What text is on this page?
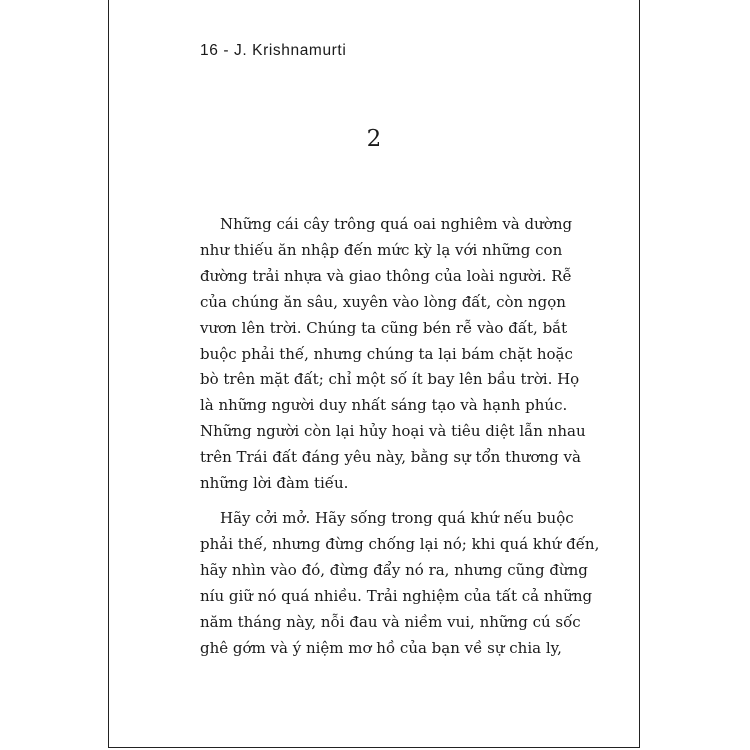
16 - J. Krishnamurti
2
Những cái cây trông quá oai nghiêm và dường
như thiếu ăn nhập đến mức kỳ lạ với những con
đường trải nhựa và giao thông của loài người. Rễ
của chúng ăn sâu, xuyên vào lòng đất, còn ngọn
vươn lên trời. Chúng ta cũng bén rễ vào đất, bắt
buộc phải thế, nhưng chúng ta lại bám chặt hoặc
bò trên mặt đất; chỉ một số ít bay lên bầu trời. Họ
là những người duy nhất sáng tạo và hạnh phúc.
Những người còn lại hủy hoại và tiêu diệt lẫn nhau
trên Trái đất đáng yêu này, bằng sự tổn thương và
những lời đàm tiếu.
Hãy cởi mở. Hãy sống trong quá khứ nếu buộc
phải thế, nhưng đừng chống lại nó; khi quá khứ đến,
hãy nhìn vào đó, đừng đẩy nó ra, nhưng cũng đừng
níu giữ nó quá nhiều. Trải nghiệm của tất cả những
năm tháng này, nỗi đau và niềm vui, những cú sốc
ghê gớm và ý niệm mơ hồ của bạn về sự chia ly,
